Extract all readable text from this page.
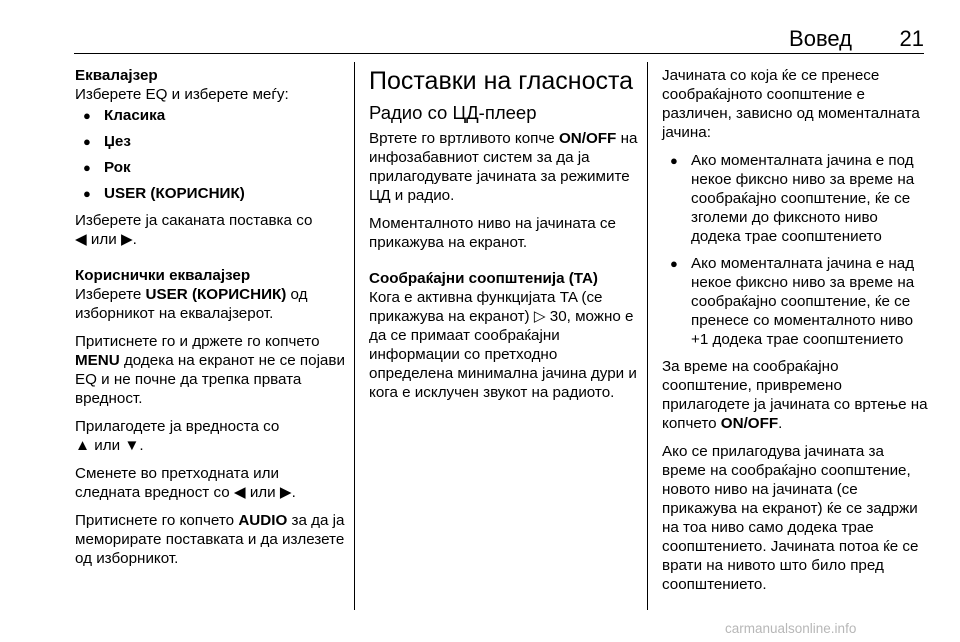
Вовед 21

Еквалајзер

Изберете EQ и изберете меѓу:

● Класика
● Џез
● Рок
● USER (КОРИСНИК)

Изберете ја саканата поставка со
◀ или ▶.

Кориснички еквалајзер

Изберете USER (КОРИСНИК) од изборникот на еквалајзерот.

Притиснете го и држете го копчето MENU додека на екранот не се појави EQ и не почне да трепка првата вредност.

Прилагодете ја вредноста со
▲ или ▼.

Сменете во претходната или следната вредност со ◀ или ▶.

Притиснете го копчето AUDIO за да ја меморирате поставката и да излезете од изборникот.

Поставки на гласноста
Радио со ЦД-плеер

Вртете го вртливото копче ON/OFF на инфозабавниот систем за да ја прилагодувате јачината за режимите ЦД и радио.

Моменталното ниво на јачината се прикажува на екранот.

Сообраќајни соопштенија (TA)

Кога е активна функцијата TA (се прикажува на екранот) ▷ 30, можно е да се примаат сообраќајни информации со претходно определена минимална јачина дури и кога е исклучен звукот на радиото.

Јачината со која ќе се пренесе сообраќајното соопштение е различен, зависно од моменталната јачина:

● Ако моменталната јачина е под некое фиксно ниво за време на сообраќајно соопштение, ќе се зголеми до фиксното ниво додека трае соопштението
● Ако моменталната јачина е над некое фиксно ниво за време на сообраќајно соопштение, ќе се пренесе со моменталното ниво +1 додека трае соопштението

За време на сообраќајно соопштение, привремено прилагодете ја јачината со вртење на копчето ON/OFF.

Ако се прилагодува јачината за време на сообраќајно соопштение, новото ниво на јачината (се прикажува на екранот) ќе се задржи на тоа ниво само додека трае соопштението. Јачината потоа ќе се врати на нивото што било пред соопштението.

carmanualsonline.info
